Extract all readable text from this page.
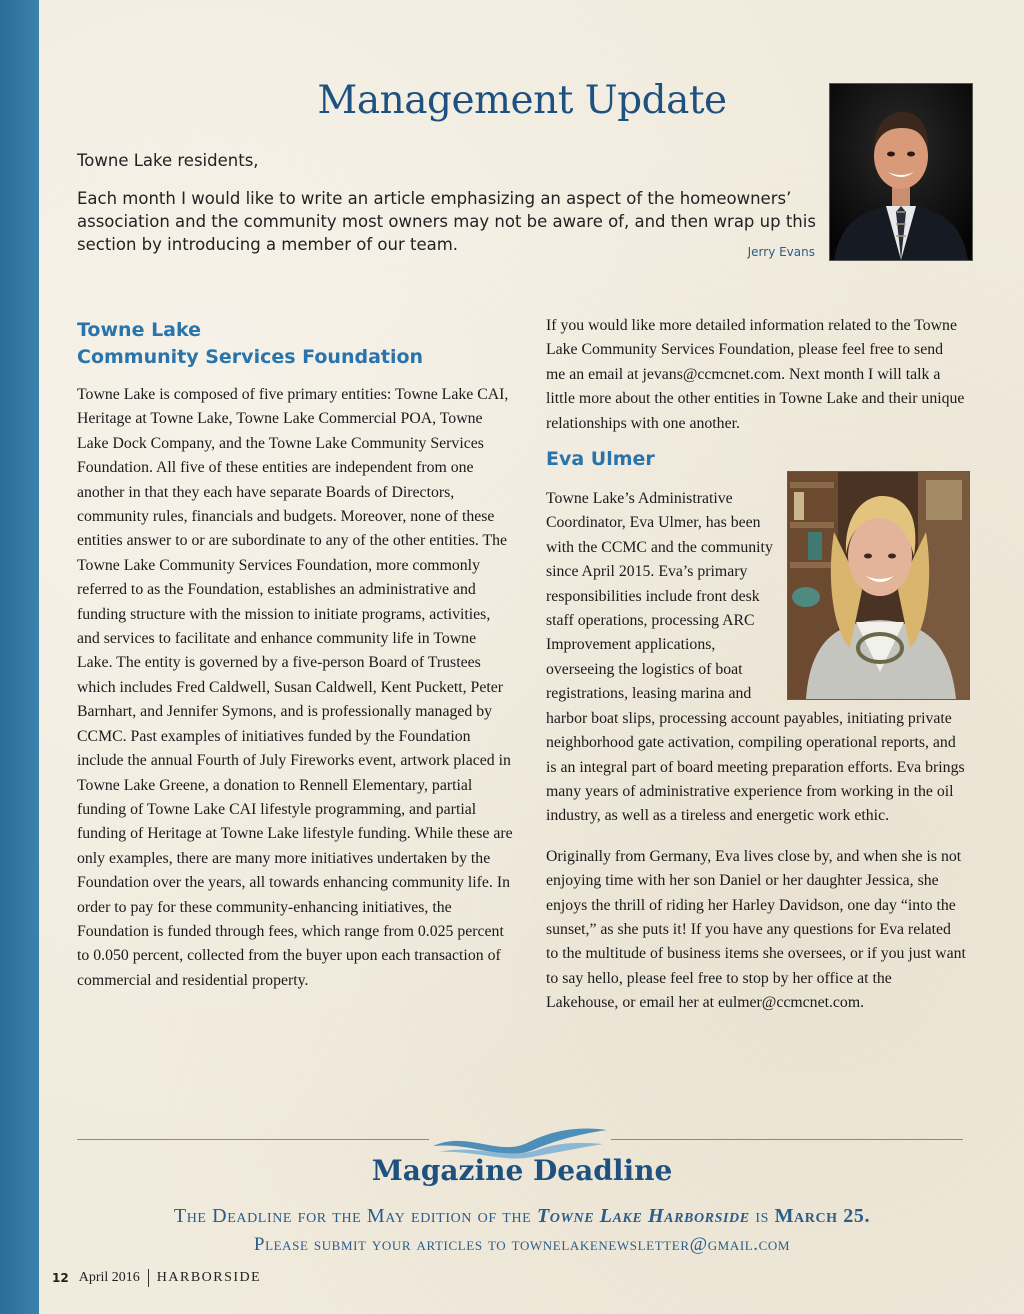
Management Update
Towne Lake residents,
Each month I would like to write an article emphasizing an aspect of the homeowners’ association and the community most owners may not be aware of, and then wrap up this section by introducing a member of our team.	Jerry Evans
Towne Lake
Community Services Foundation

Towne Lake is composed of five primary entities: Towne Lake CAI, Heritage at Towne Lake, Towne Lake Commercial POA, Towne Lake Dock Company, and the Towne Lake Community Services Foundation. All five of these entities are independent from one another in that they each have separate Boards of Directors, community rules, financials and budgets. Moreover, none of these entities answer to or are subordinate to any of the other entities. The Towne Lake Community Services Foundation, more commonly referred to as the Foundation, establishes an administrative and funding structure with the mission to initiate programs, activities, and services to facilitate and enhance community life in Towne Lake. The entity is governed by a five-person Board of Trustees which includes Fred Caldwell, Susan Caldwell, Kent Puckett, Peter Barnhart, and Jennifer Symons, and is professionally managed by CCMC. Past examples of initiatives funded by the Foundation include the annual Fourth of July Fireworks event, artwork placed in Towne Lake Greene, a donation to Rennell Elementary, partial funding of Towne Lake CAI lifestyle programming, and partial funding of Heritage at Towne Lake lifestyle funding. While these are only examples, there are many more initiatives undertaken by the Foundation over the years, all towards enhancing community life. In order to pay for these community-enhancing initiatives, the Foundation is funded through fees, which range from 0.025 percent to 0.050 percent, collected from the buyer upon each transaction of commercial and residential property.

If you would like more detailed information related to the Towne Lake Community Services Foundation, please feel free to send me an email at jevans@ccmcnet.com. Next month I will talk a little more about the other entities in Towne Lake and their unique relationships with one another.

Eva Ulmer

Towne Lake’s Administrative Coordinator, Eva Ulmer, has been with the CCMC and the community since April 2015. Eva’s primary responsibilities include front desk staff operations, processing ARC Improvement applications, overseeing the logistics of boat registrations, leasing marina and harbor boat slips, processing account payables, initiating private neighborhood gate activation, compiling operational reports, and is an integral part of board meeting preparation efforts. Eva brings many years of administrative experience from working in the oil industry, as well as a tireless and energetic work ethic.

Originally from Germany, Eva lives close by, and when she is not enjoying time with her son Daniel or her daughter Jessica, she enjoys the thrill of riding her Harley Davidson, one day “into the sunset,” as she puts it! If you have any questions for Eva related to the multitude of business items she oversees, or if you just want to say hello, please feel free to stop by her office at the Lakehouse, or email her at eulmer@ccmcnet.com.

Magazine Deadline

The Deadline for the May edition of the Towne Lake Harborside is March 25.

Please submit your articles to townelakenewsletter@gmail.com

12 April 2016 HARBORSIDE
